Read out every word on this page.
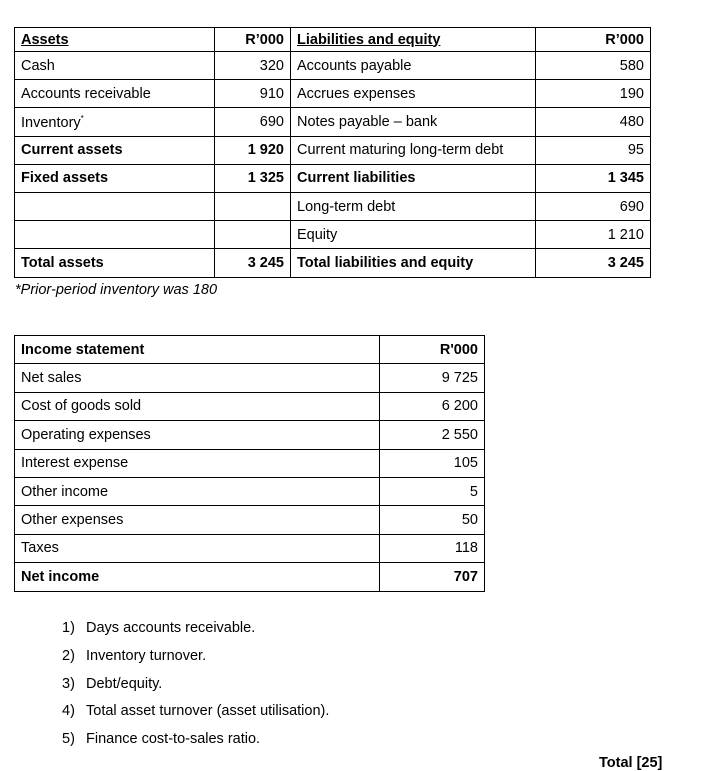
Assets	R’000	Liabilities and equity	R’000
Cash	320	Accounts payable	580
Accounts receivable	910	Accrues expenses	190
Inventory*	690	Notes payable – bank	480
Current assets	1 920	Current maturing long-term debt	95
Fixed assets	1 325	Current liabilities	1 345
		Long-term debt	690
		Equity	1 210
Total assets	3 245	Total liabilities and equity	3 245
*Prior-period inventory was 180
Income statement	R'000
Net sales	9 725
Cost of goods sold	6 200
Operating expenses	2 550
Interest expense	105
Other income	5
Other expenses	50
Taxes	118
Net income	707
1) Days accounts receivable.
2) Inventory turnover.
3) Debt/equity.
4) Total asset turnover (asset utilisation).
5) Finance cost-to-sales ratio.
Total [25]
